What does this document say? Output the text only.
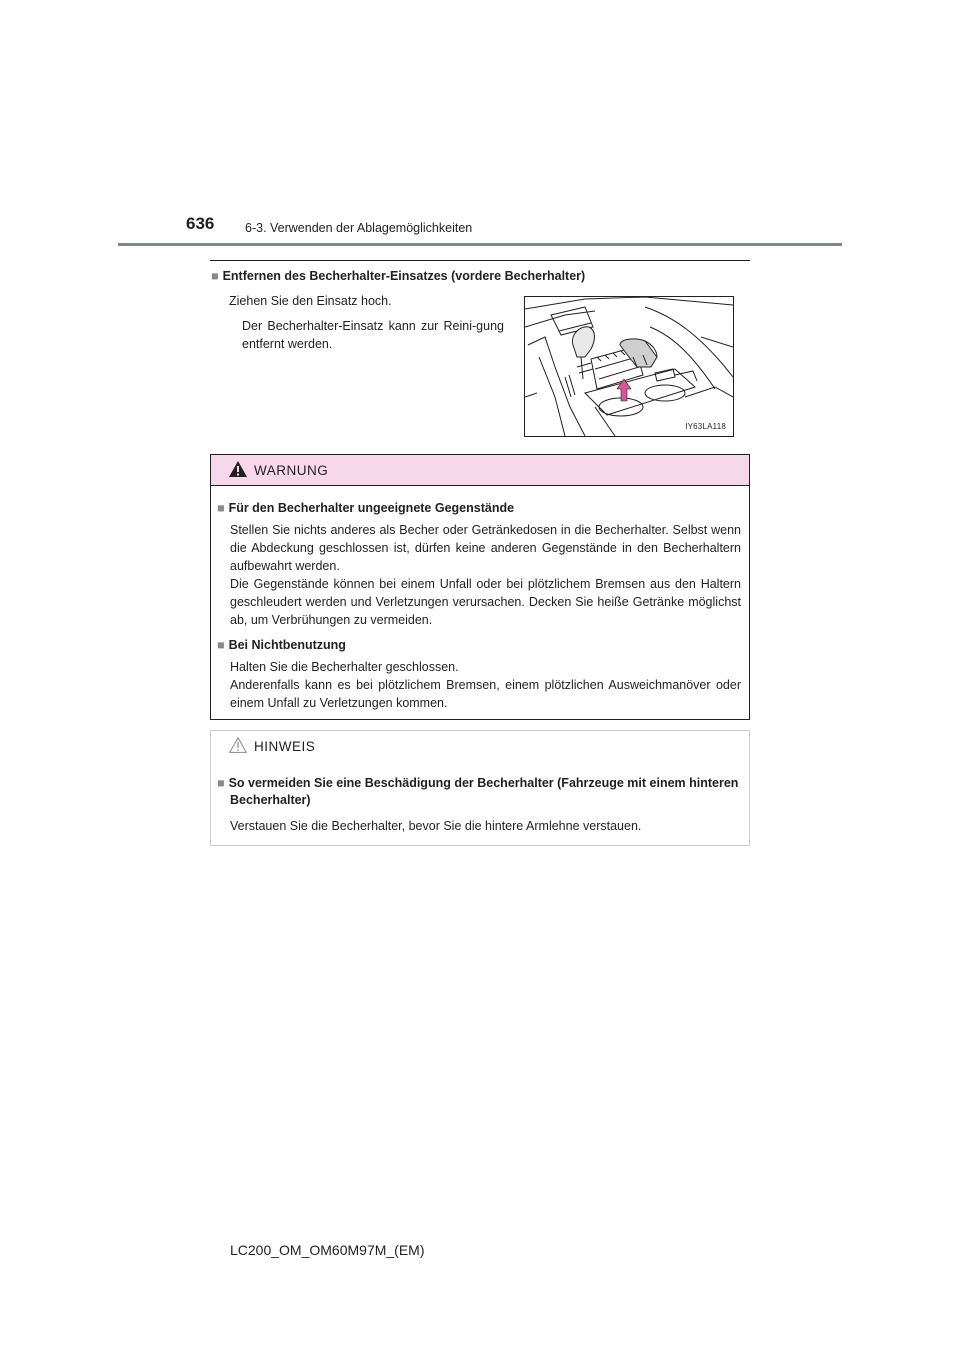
636 6-3. Verwenden der Ablagemöglichkeiten
■ Entfernen des Becherhalter-Einsatzes (vordere Becherhalter)
Ziehen Sie den Einsatz hoch.
Der Becherhalter-Einsatz kann zur Reini-gung entfernt werden.
IY63LA118
WARNUNG
■ Für den Becherhalter ungeeignete Gegenstände
Stellen Sie nichts anderes als Becher oder Getränkedosen in die Becherhalter. Selbst wenn die Abdeckung geschlossen ist, dürfen keine anderen Gegenstände in den Becherhaltern aufbewahrt werden.
Die Gegenstände können bei einem Unfall oder bei plötzlichem Bremsen aus den Haltern geschleudert werden und Verletzungen verursachen. Decken Sie heiße Getränke möglichst ab, um Verbrühungen zu vermeiden.
■ Bei Nichtbenutzung
Halten Sie die Becherhalter geschlossen.
Anderenfalls kann es bei plötzlichem Bremsen, einem plötzlichen Ausweichmanöver oder einem Unfall zu Verletzungen kommen.
HINWEIS
■ So vermeiden Sie eine Beschädigung der Becherhalter (Fahrzeuge mit einem hinteren Becherhalter)
Verstauen Sie die Becherhalter, bevor Sie die hintere Armlehne verstauen.
LC200_OM_OM60M97M_(EM)
